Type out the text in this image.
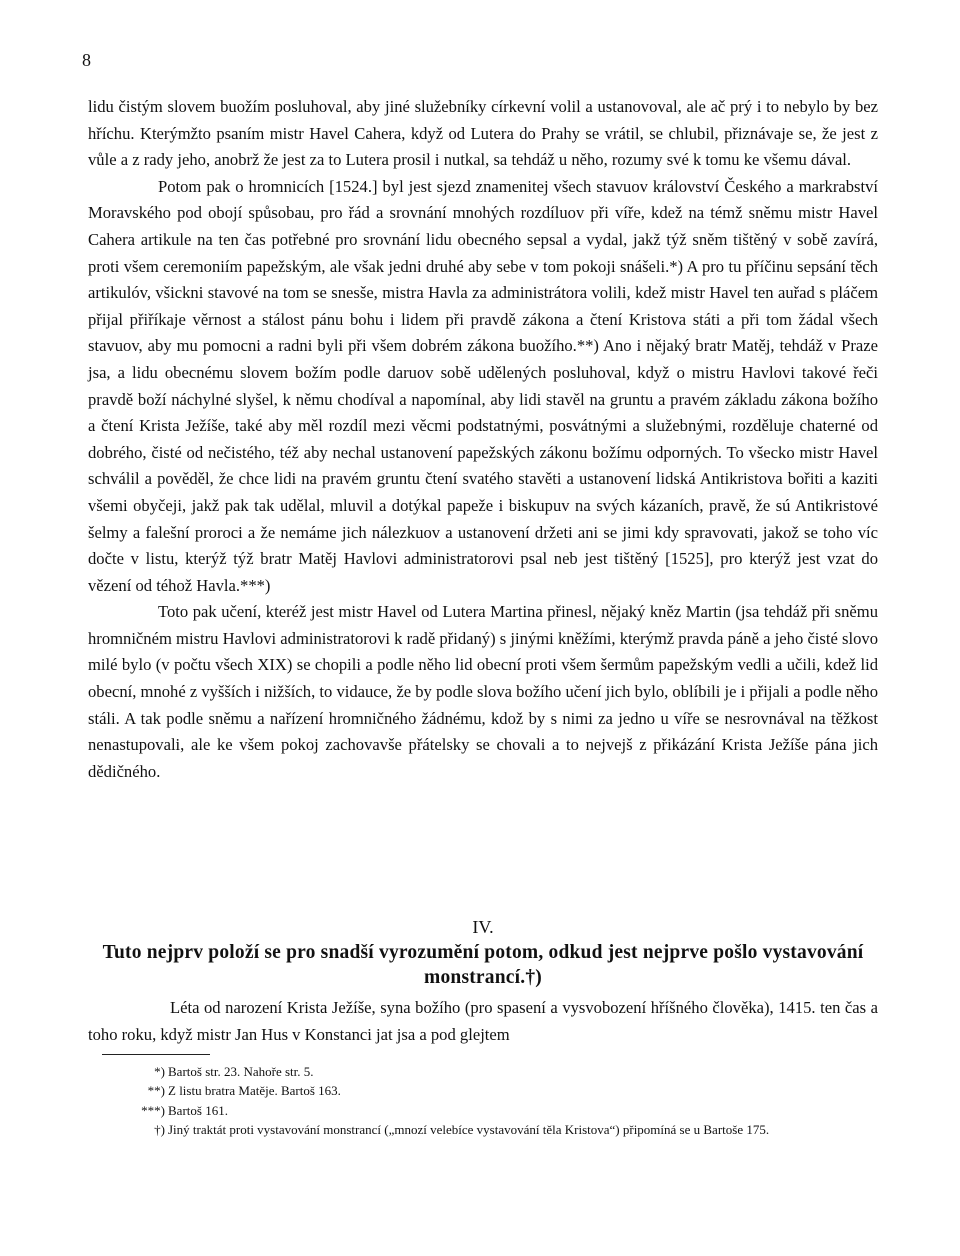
8

lidu čistým slovem buožím posluhoval, aby jiné služebníky církevní volil a ustanovoval, ale ač prý i to nebylo by bez hříchu. Kterýmžto psaním mistr Havel Cahera, když od Lutera do Prahy se vrátil, se chlubil, přiznávaje se, že jest z vůle a z rady jeho, anobrž že jest za to Lutera prosil i nutkal, sa tehdáž u něho, rozumy své k tomu ke všemu dával.

Potom pak o hromnicích [1524.] byl jest sjezd znamenitej všech stavuov království Českého a markrabství Moravského pod obojí spůsobau, pro řád a srovnání mnohých rozdíluov při víře, kdež na témž sněmu mistr Havel Cahera artikule na ten čas potřebné pro srovnání lidu obecného sepsal a vydal, jakž týž sněm tištěný v sobě zavírá, proti všem ceremoniím papežským, ale však jedni druhé aby sebe v tom pokoji snášeli.*) A pro tu příčinu sepsání těch artikulóv, všickni stavové na tom se snesše, mistra Havla za administrátora volili, kdež mistr Havel ten auřad s pláčem přijal přiříkaje věrnost a stálost pánu bohu i lidem při pravdě zákona a čtení Kristova státi a při tom žádal všech stavuov, aby mu pomocni a radni byli při všem dobrém zákona buožího.**) Ano i nějaký bratr Matěj, tehdáž v Praze jsa, a lidu obecnému slovem božím podle daruov sobě udělených posluhoval, když o mistru Havlovi takové řeči pravdě boží náchylné slyšel, k němu chodíval a napomínal, aby lidi stavěl na gruntu a pravém základu zákona božího a čtení Krista Ježíše, také aby měl rozdíl mezi věcmi podstatnými, posvátnými a služebnými, rozděluje chaterné od dobrého, čisté od nečistého, též aby nechal ustanovení papežských zákonu božímu odporných. To všecko mistr Havel schválil a pověděl, že chce lidi na pravém gruntu čtení svatého stavěti a ustanovení lidská Antikristova bořiti a kaziti všemi obyčeji, jakž pak tak udělal, mluvil a dotýkal papeže i biskupuv na svých kázaních, pravě, že sú Antikristové šelmy a falešní proroci a že nemáme jich nálezkuov a ustanovení držeti ani se jimi kdy spravovati, jakož se toho víc dočte v listu, kterýž týž bratr Matěj Havlovi administratorovi psal neb jest tištěný [1525], pro kterýž jest vzat do vězení od téhož Havla.***)

Toto pak učení, kteréž jest mistr Havel od Lutera Martina přinesl, nějaký kněz Martin (jsa tehdáž při sněmu hromničném mistru Havlovi administratorovi k radě přidaný) s jinými kněžími, kterýmž pravda páně a jeho čisté slovo milé bylo (v počtu všech XIX) se chopili a podle něho lid obecní proti všem šermům papežským vedli a učili, kdež lid obecní, mnohé z vyšších i nižších, to vidauce, že by podle slova božího učení jich bylo, oblíbili je i přijali a podle něho stáli. A tak podle sněmu a nařízení hromničného žádnému, kdož by s nimi za jedno u víře se nesrovnával na těžkost nenastupovali, ale ke všem pokoj zachovavše přátelsky se chovali a to nejvejš z přikázání Krista Ježíše pána jich dědičného.

IV.
Tuto nejprv položí se pro snadší vyrozumění potom, odkud jest nejprve pošlo vystavování monstrancí.†)

Léta od narození Krista Ježíše, syna božího (pro spasení a vysvobození hříšného člověka), 1415. ten čas a toho roku, když mistr Jan Hus v Konstanci jat jsa a pod glejtem

*) Bartoš str. 23. Nahoře str. 5.
**) Z listu bratra Matěje. Bartoš 163.
***) Bartoš 161.
†) Jiný traktát proti vystavování monstrancí („mnozí velebíce vystavování těla Kristova“) připomíná se u Bartoše 175.
